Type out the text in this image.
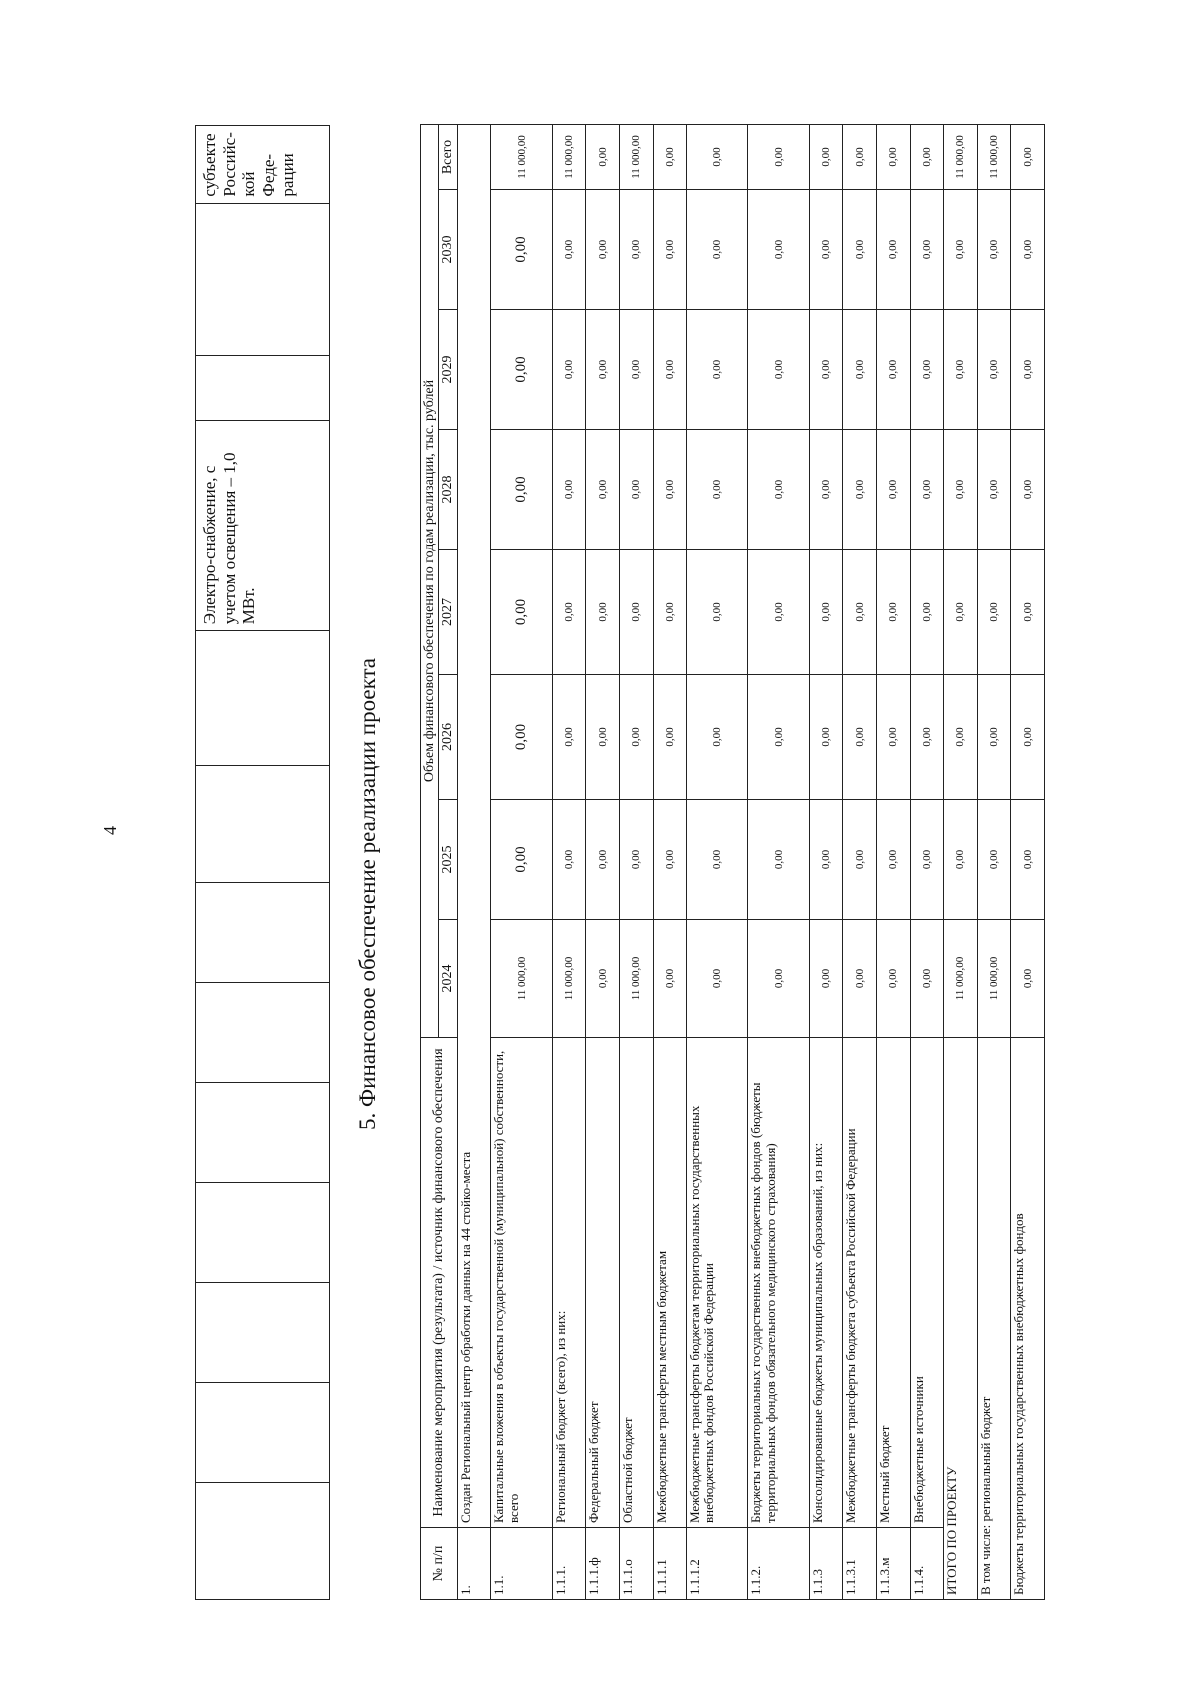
4
									Электро-снабжение, с учетом освещения – 1,0 МВт.			субъекте Российс-кой Феде-рации
5. Финансовое обеспечение реализации проекта
№ п/п	Наименование мероприятия (результата) / источник финансового обеспечения	Объем финансового обеспечения по годам реализации, тыс. рублей							
		2024	2025	2026	2027	2028	2029	2030	Всего
1.	Создан Региональный центр обработки данных на 44 стойко-места								
1.1.	Капитальные вложения в объекты государственной (муниципальной) собственности, всего	11 000,00	0,00	0,00	0,00	0,00	0,00	0,00	11 000,00
1.1.1.	Региональный бюджет (всего), из них:	11 000,00	0,00	0,00	0,00	0,00	0,00	0,00	11 000,00
1.1.1.ф	Федеральный бюджет	0,00	0,00	0,00	0,00	0,00	0,00	0,00	0,00
1.1.1.о	Областной бюджет	11 000,00	0,00	0,00	0,00	0,00	0,00	0,00	11 000,00
1.1.1.1	Межбюджетные трансферты местным бюджетам	0,00	0,00	0,00	0,00	0,00	0,00	0,00	0,00
1.1.1.2	Межбюджетные трансферты бюджетам территориальных государственных внебюджетных фондов Российской Федерации	0,00	0,00	0,00	0,00	0,00	0,00	0,00	0,00
1.1.2.	Бюджеты территориальных государственных внебюджетных фондов (бюджеты территориальных фондов обязательного медицинского страхования)	0,00	0,00	0,00	0,00	0,00	0,00	0,00	0,00
1.1.3	Консолидированные бюджеты муниципальных образований, из них:	0,00	0,00	0,00	0,00	0,00	0,00	0,00	0,00
1.1.3.1	Межбюджетные трансферты бюджета субъекта Российской Федерации	0,00	0,00	0,00	0,00	0,00	0,00	0,00	0,00
1.1.3.м	Местный бюджет	0,00	0,00	0,00	0,00	0,00	0,00	0,00	0,00
1.1.4.	Внебюджетные источники	0,00	0,00	0,00	0,00	0,00	0,00	0,00	0,00
ИТОГО ПО ПРОЕКТУ		11 000,00	0,00	0,00	0,00	0,00	0,00	0,00	11 000,00
В том числе: региональный бюджет		11 000,00	0,00	0,00	0,00	0,00	0,00	0,00	11 000,00
Бюджеты территориальных государственных внебюджетных фондов		0,00	0,00	0,00	0,00	0,00	0,00	0,00	0,00
